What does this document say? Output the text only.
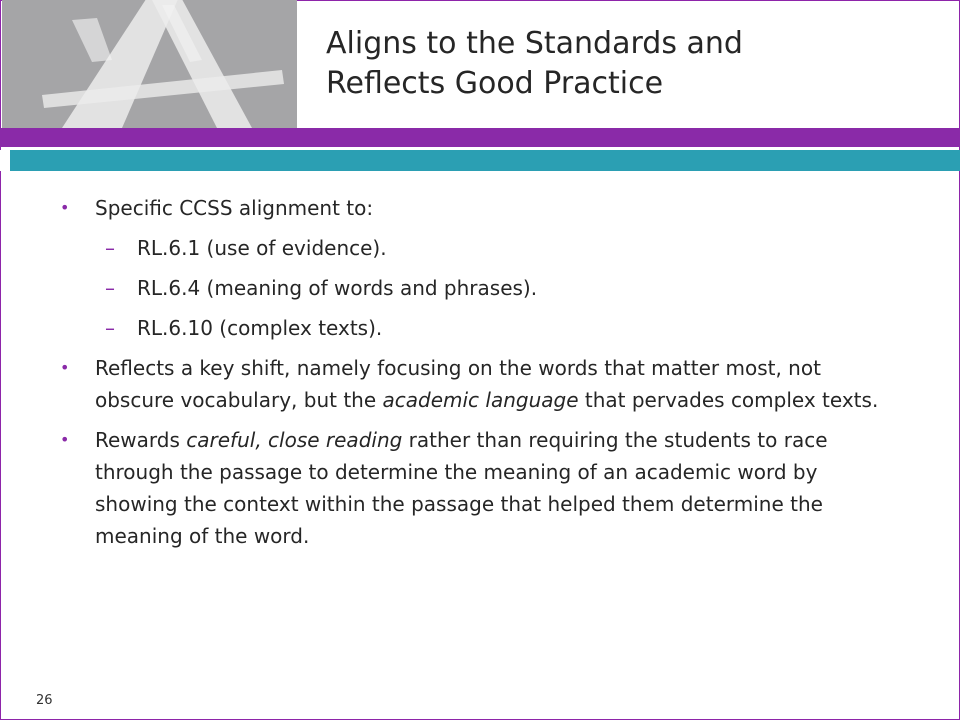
Aligns to the Standards and
Reflects Good Practice
• Specific CCSS alignment to:
– RL.6.1 (use of evidence).
– RL.6.4 (meaning of words and phrases).
– RL.6.10 (complex texts).
• Reflects a key shift, namely focusing on the words that matter most, not obscure vocabulary, but the academic language that pervades complex texts.
• Rewards careful, close reading rather than requiring the students to race through the passage to determine the meaning of an academic word by showing the context within the passage that helped them determine the meaning of the word.
26
